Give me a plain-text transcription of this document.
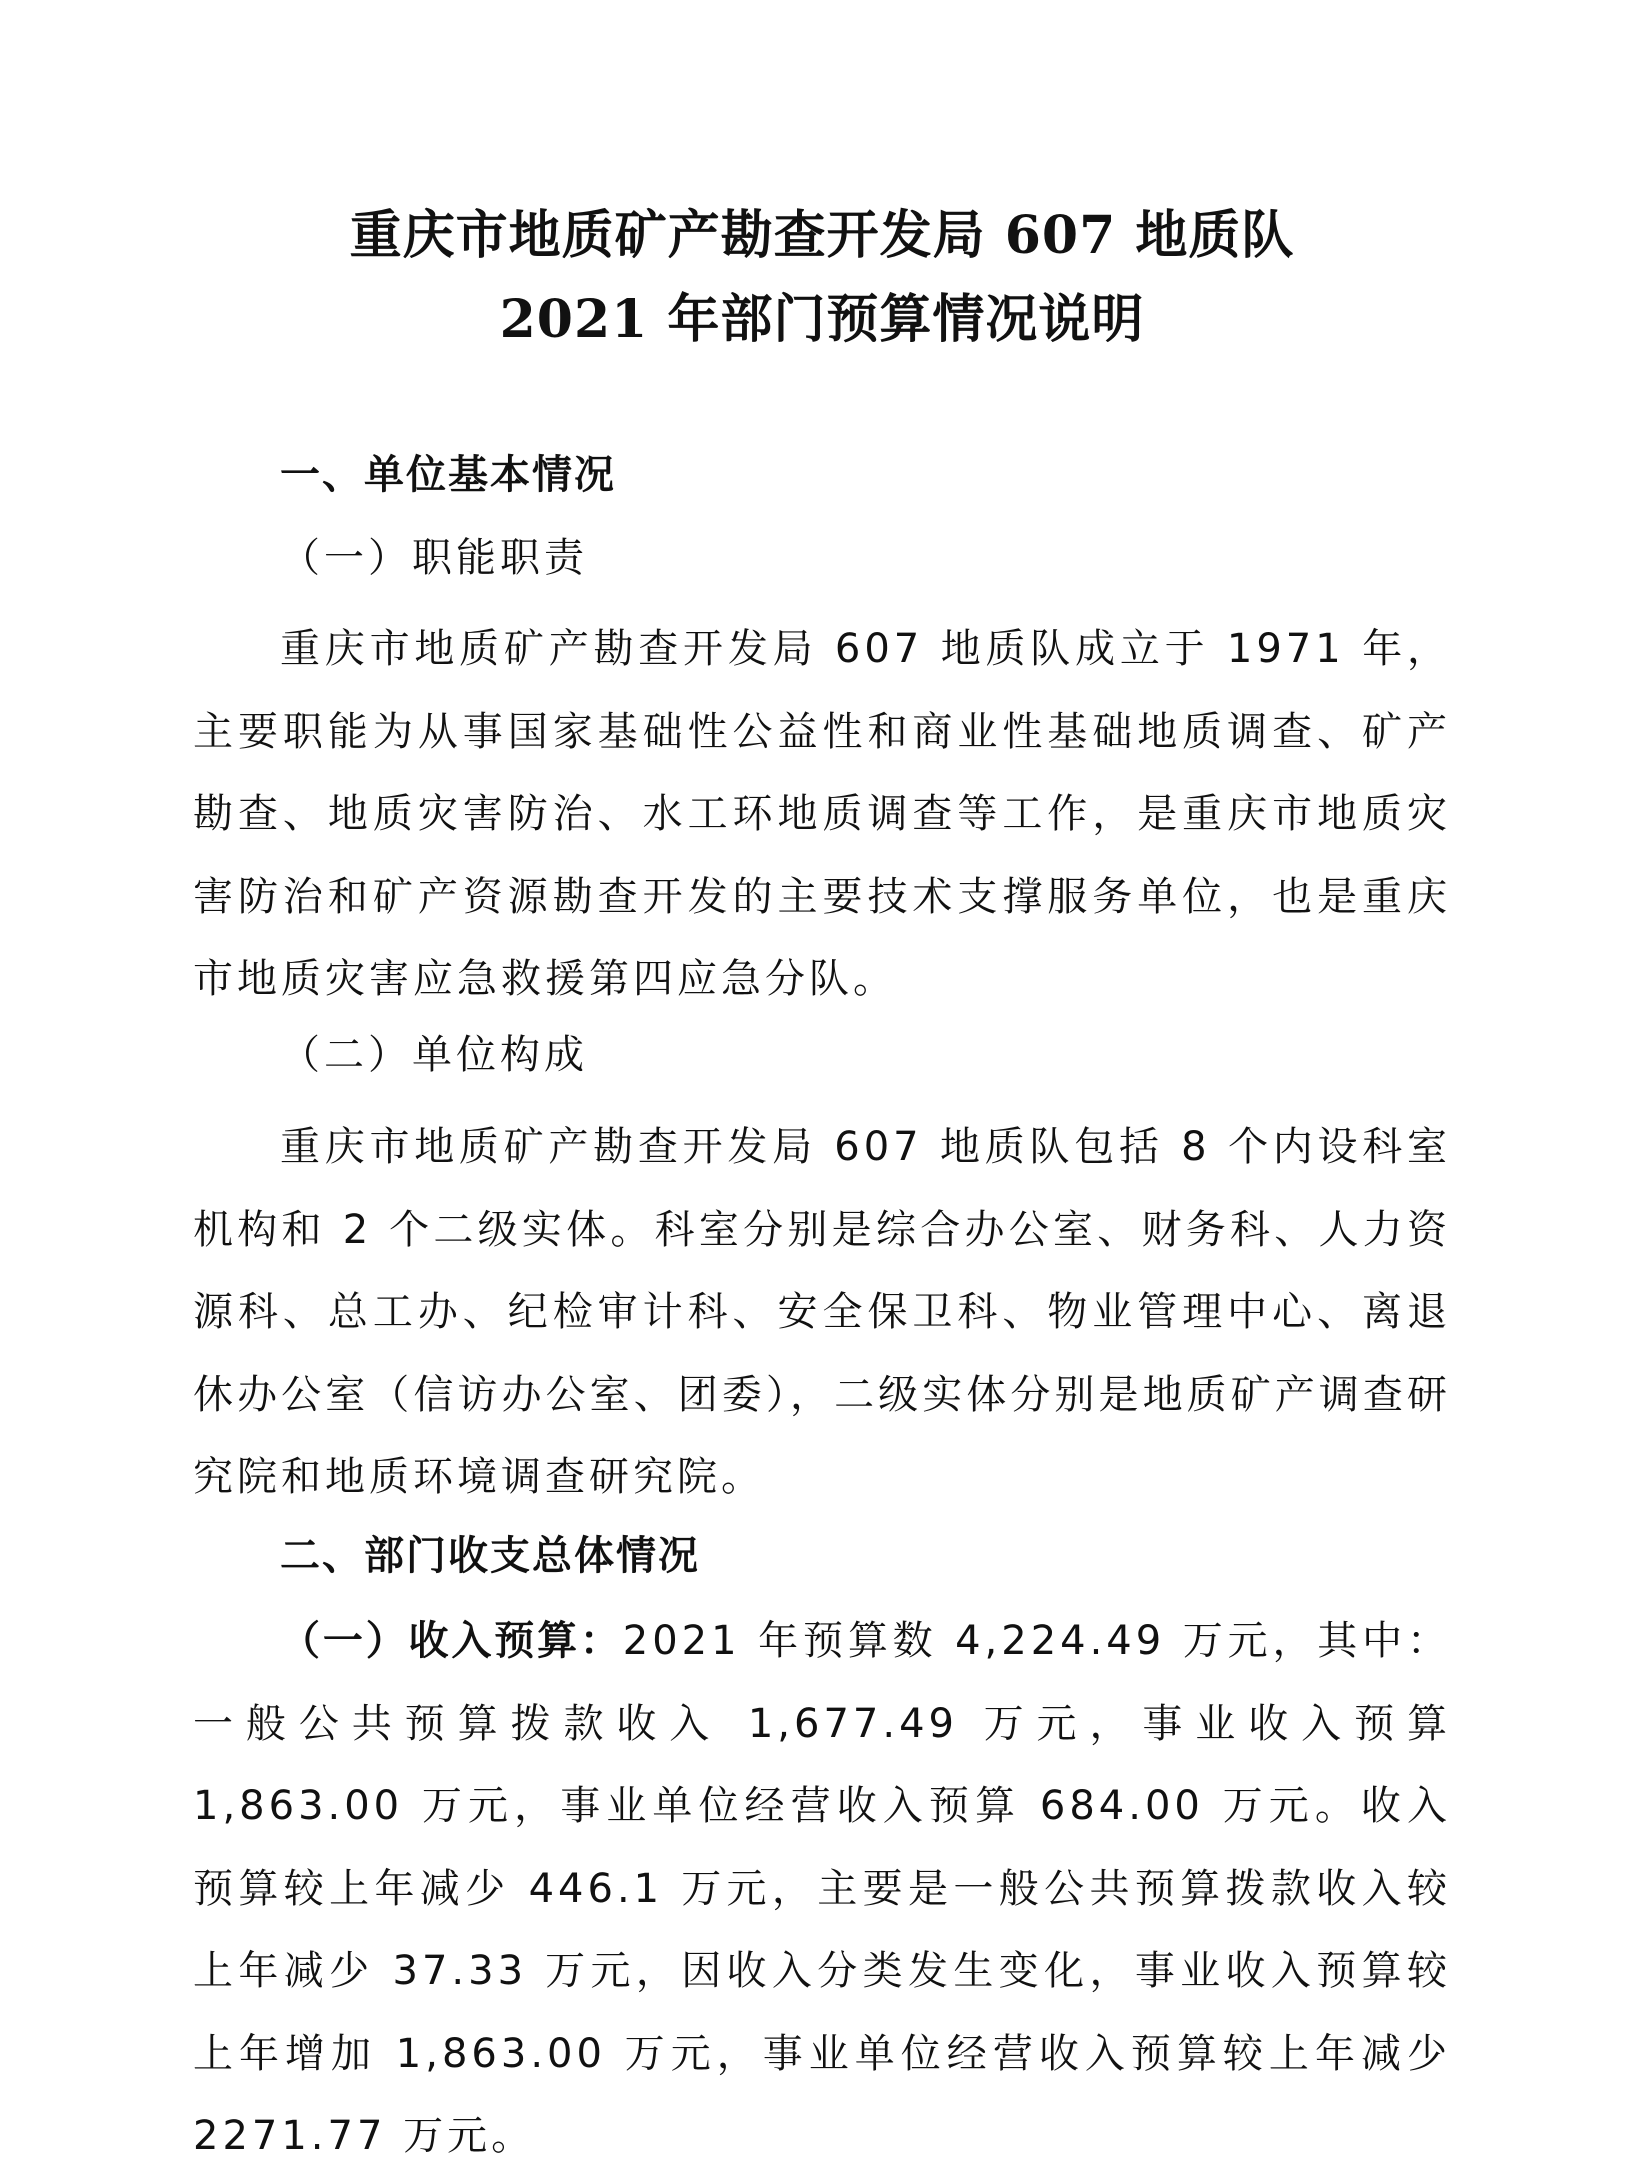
重庆市地质矿产勘查开发局 607 地质队
2021 年部门预算情况说明
一、单位基本情况
（一）职能职责

重庆市地质矿产勘查开发局 607 地质队成立于 1971 年，主要职能为从事国家基础性公益性和商业性基础地质调查、矿产勘查、地质灾害防治、水工环地质调查等工作，是重庆市地质灾害防治和矿产资源勘查开发的主要技术支撑服务单位，也是重庆市地质灾害应急救援第四应急分队。

（二）单位构成

重庆市地质矿产勘查开发局 607 地质队包括 8 个内设科室机构和 2 个二级实体。科室分别是综合办公室、财务科、人力资源科、总工办、纪检审计科、安全保卫科、物业管理中心、离退休办公室（信访办公室、团委），二级实体分别是地质矿产调查研究院和地质环境调查研究院。

二、部门收支总体情况

（一）收入预算：2021 年预算数 4,224.49 万元，其中：一般公共预算拨款收入 1,677.49 万元，事业收入预算 1,863.00 万元，事业单位经营收入预算 684.00 万元。收入预算较上年减少 446.1 万元，主要是一般公共预算拨款收入较上年减少 37.33 万元，因收入分类发生变化，事业收入预算较上年增加 1,863.00 万元，事业单位经营收入预算较上年减少 2271.77 万元。
